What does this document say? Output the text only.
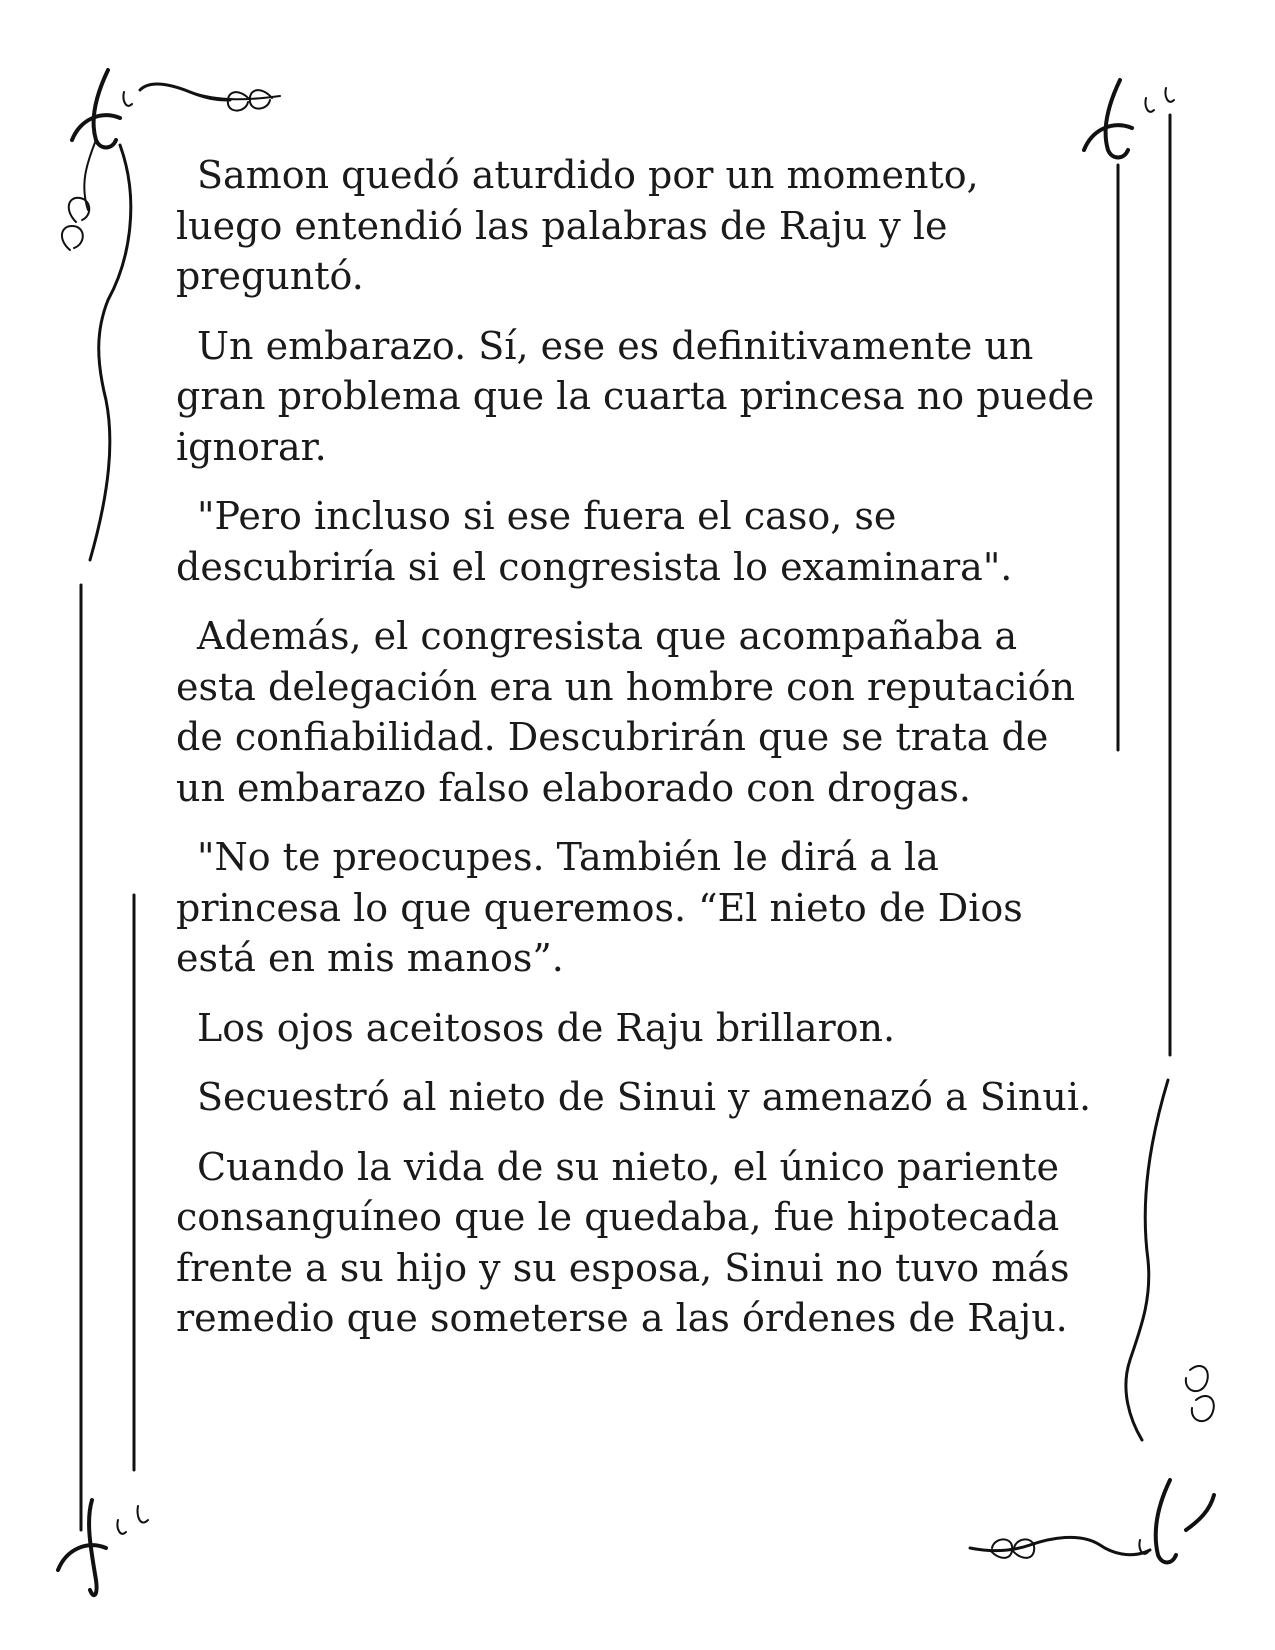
Samon quedó aturdido por un momento, luego entendió las palabras de Raju y le preguntó.

Un embarazo. Sí, ese es definitivamente un gran problema que la cuarta princesa no puede ignorar.

"Pero incluso si ese fuera el caso, se descubriría si el congresista lo examinara".

Además, el congresista que acompañaba a esta delegación era un hombre con reputación de confiabilidad. Descubrirán que se trata de un embarazo falso elaborado con drogas.

"No te preocupes. También le dirá a la princesa lo que queremos. “El nieto de Dios está en mis manos”.

Los ojos aceitosos de Raju brillaron.

Secuestró al nieto de Sinui y amenazó a Sinui.

Cuando la vida de su nieto, el único pariente consanguíneo que le quedaba, fue hipotecada frente a su hijo y su esposa, Sinui no tuvo más remedio que someterse a las órdenes de Raju.
